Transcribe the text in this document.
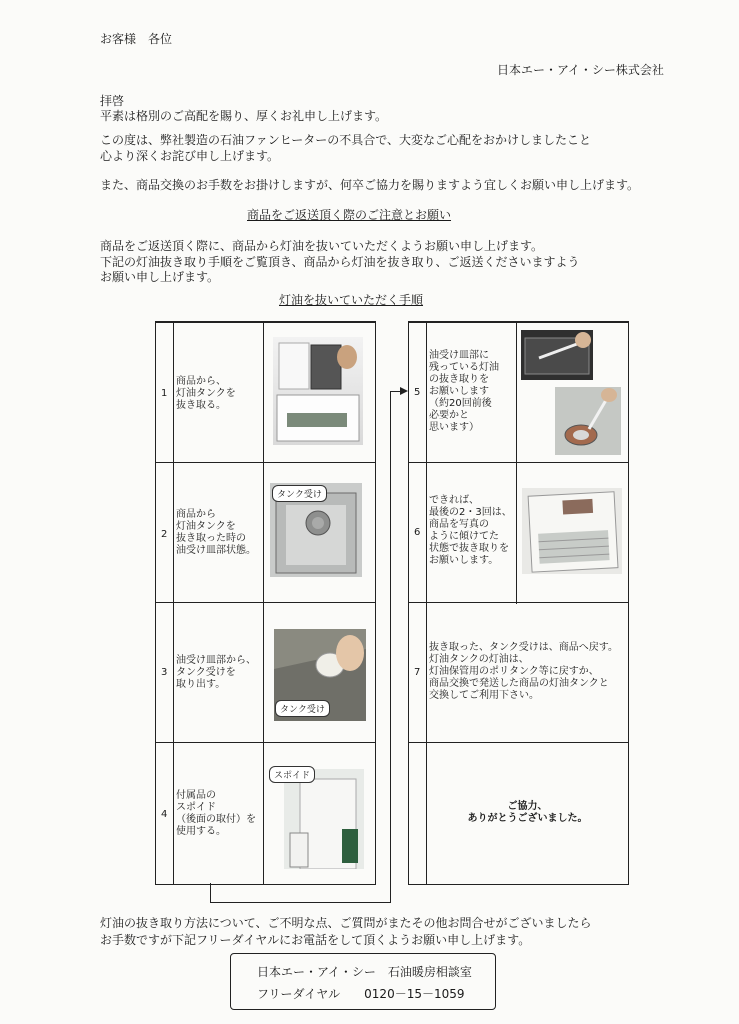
お客様　各位
日本エー・アイ・シー株式会社
拝啓
平素は格別のご高配を賜り、厚くお礼申し上げます。
この度は、弊社製造の石油ファンヒーターの不具合で、大変なご心配をおかけしましたこと
心より深くお詫び申し上げます。
また、商品交換のお手数をお掛けしますが、何卒ご協力を賜りますよう宜しくお願い申し上げます。
商品をご返送頂く際のご注意とお願い
商品をご返送頂く際に、商品から灯油を抜いていただくようお願い申し上げます。
下記の灯油抜き取り手順をご覧頂き、商品から灯油を抜き取り、ご返送くださいますよう
お願い申し上げます。
灯油を抜いていただく手順
1
商品から、
灯油タンクを
抜き取る。
2
商品から
灯油タンクを
抜き取った時の
油受け皿部状態。
タンク受け
3
油受け皿部から、
タンク受けを
取り出す。
タンク受け
4
付属品の
スポイド
（後面の取付）を
使用する。
スポイド
5
油受け皿部に
残っている灯油
の抜き取りを
お願いします
（約20回前後
必要かと
思います）
6
できれば、
最後の2・3回は、
商品を写真の
ように傾けてた
状態で抜き取りを
お願いします。
7
抜き取った、タンク受けは、商品へ戻す。
灯油タンクの灯油は、
灯油保管用のポリタンク等に戻すか、
商品交換で発送した商品の灯油タンクと
交換してご利用下さい。
ご協力、
ありがとうございました。
灯油の抜き取り方法について、ご不明な点、ご質問がまたその他お問合せがございましたら
お手数ですが下記フリーダイヤルにお電話をして頂くようお願い申し上げます。
日本エー・アイ・シー　石油暖房相談室
フリーダイヤル　　0120－15－1059
